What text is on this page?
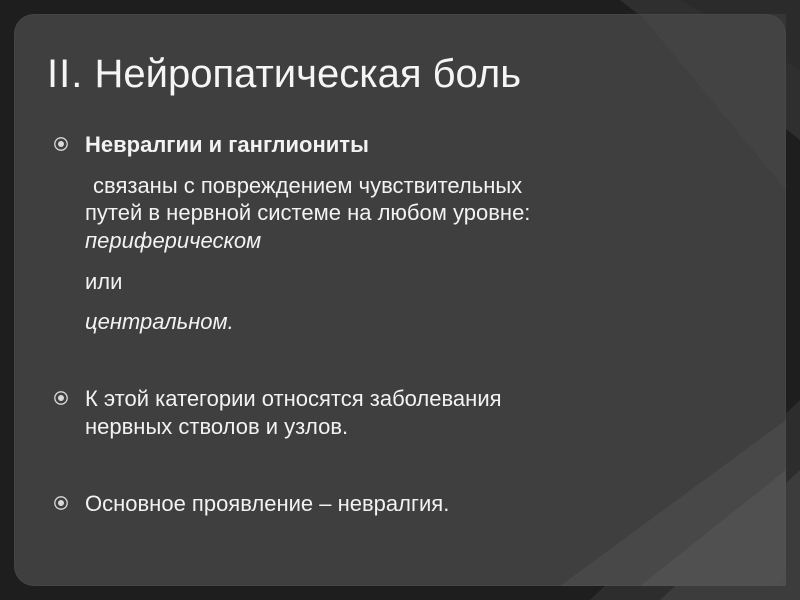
II. Нейропатическая боль
Невралгии и ганглиониты
связаны с повреждением чувствительных
путей в нервной системе на любом уровне:
периферическом
или
центральном.
К этой категории относятся заболевания
нервных стволов и узлов.
Основное проявление – невралгия.
